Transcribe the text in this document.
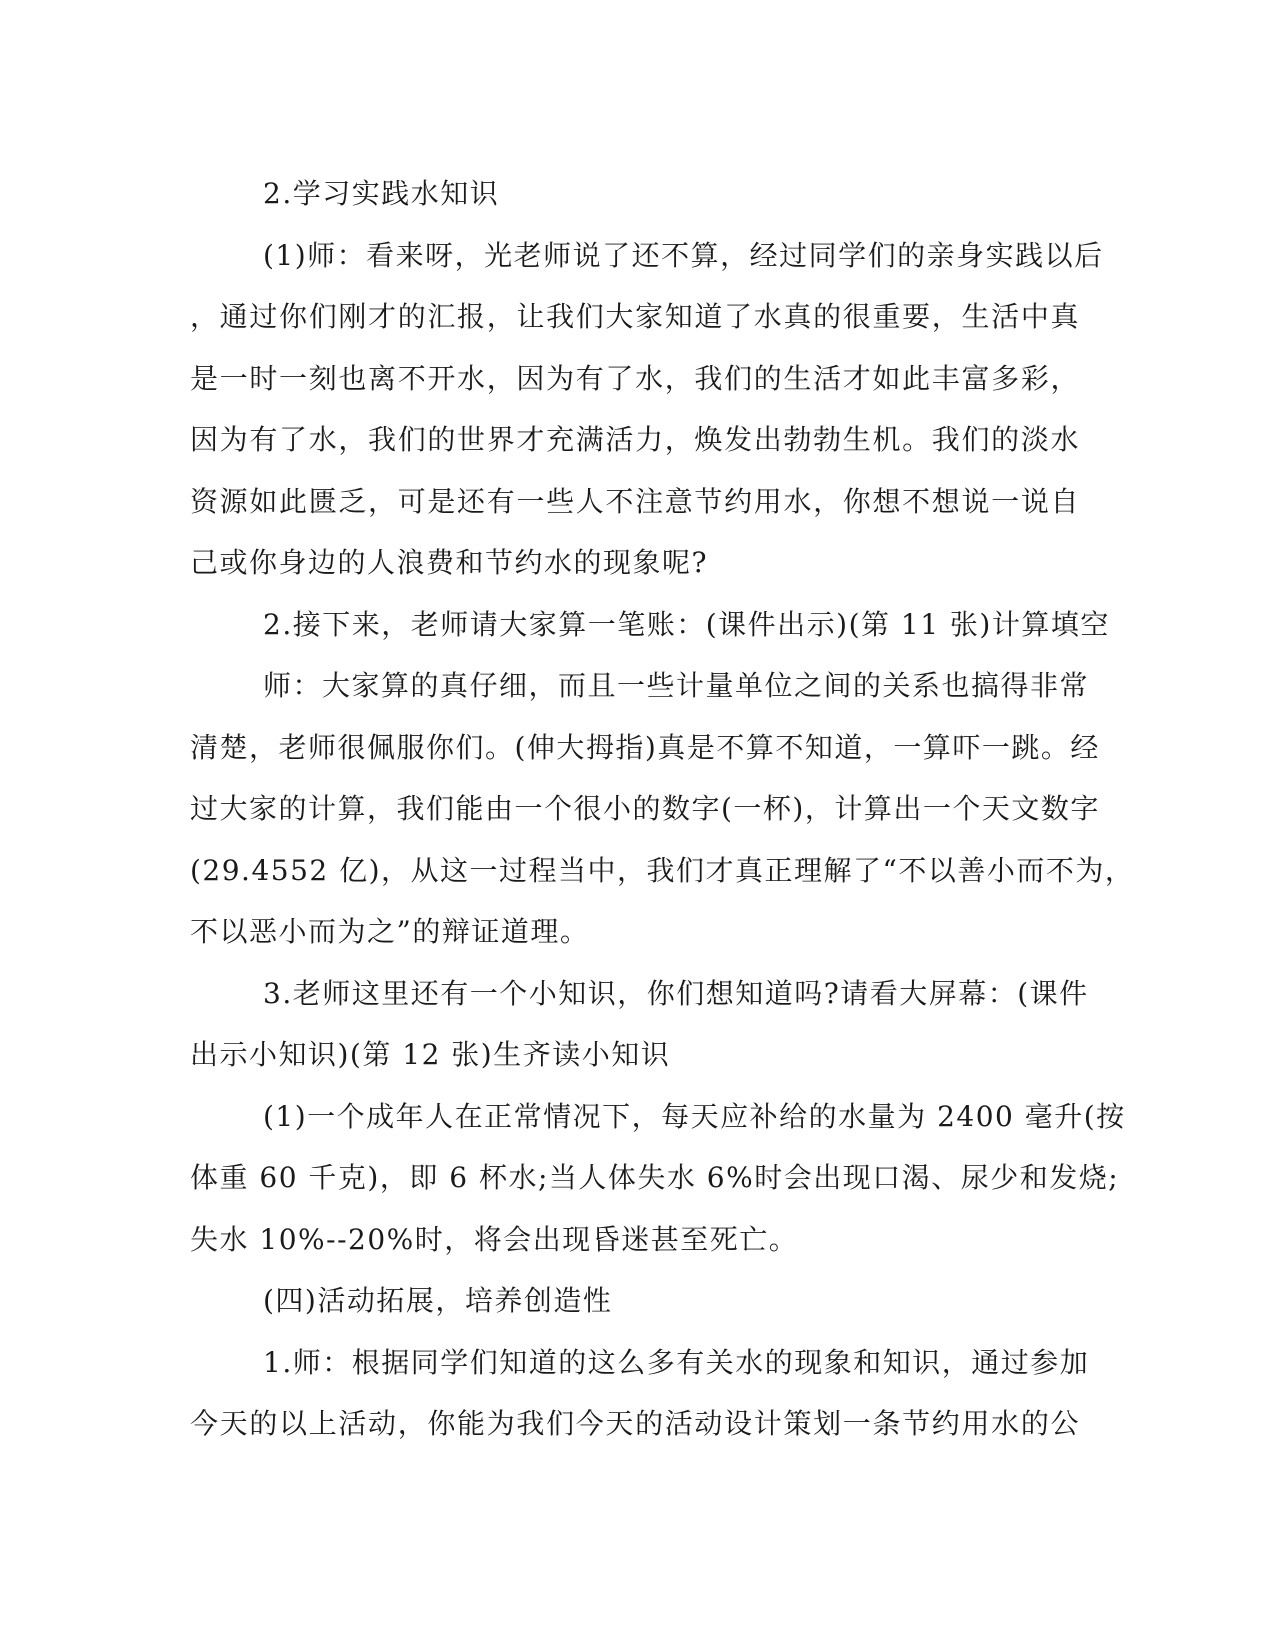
2.学习实践水知识
(1)师：看来呀，光老师说了还不算，经过同学们的亲身实践以后
，通过你们刚才的汇报，让我们大家知道了水真的很重要，生活中真
是一时一刻也离不开水，因为有了水，我们的生活才如此丰富多彩，
因为有了水，我们的世界才充满活力，焕发出勃勃生机。我们的淡水
资源如此匮乏，可是还有一些人不注意节约用水，你想不想说一说自
己或你身边的人浪费和节约水的现象呢?
2.接下来，老师请大家算一笔账：(课件出示)(第 11 张)计算填空
师：大家算的真仔细，而且一些计量单位之间的关系也搞得非常
清楚，老师很佩服你们。(伸大拇指)真是不算不知道，一算吓一跳。经
过大家的计算，我们能由一个很小的数字(一杯)，计算出一个天文数字
(29.4552 亿)，从这一过程当中，我们才真正理解了“不以善小而不为，
不以恶小而为之”的辩证道理。
3.老师这里还有一个小知识，你们想知道吗?请看大屏幕：(课件
出示小知识)(第 12 张)生齐读小知识
(1)一个成年人在正常情况下，每天应补给的水量为 2400 毫升(按
体重 60 千克)，即 6 杯水;当人体失水 6%时会出现口渴、尿少和发烧;
失水 10%--20%时，将会出现昏迷甚至死亡。
(四)活动拓展，培养创造性
1.师：根据同学们知道的这么多有关水的现象和知识，通过参加
今天的以上活动，你能为我们今天的活动设计策划一条节约用水的公
